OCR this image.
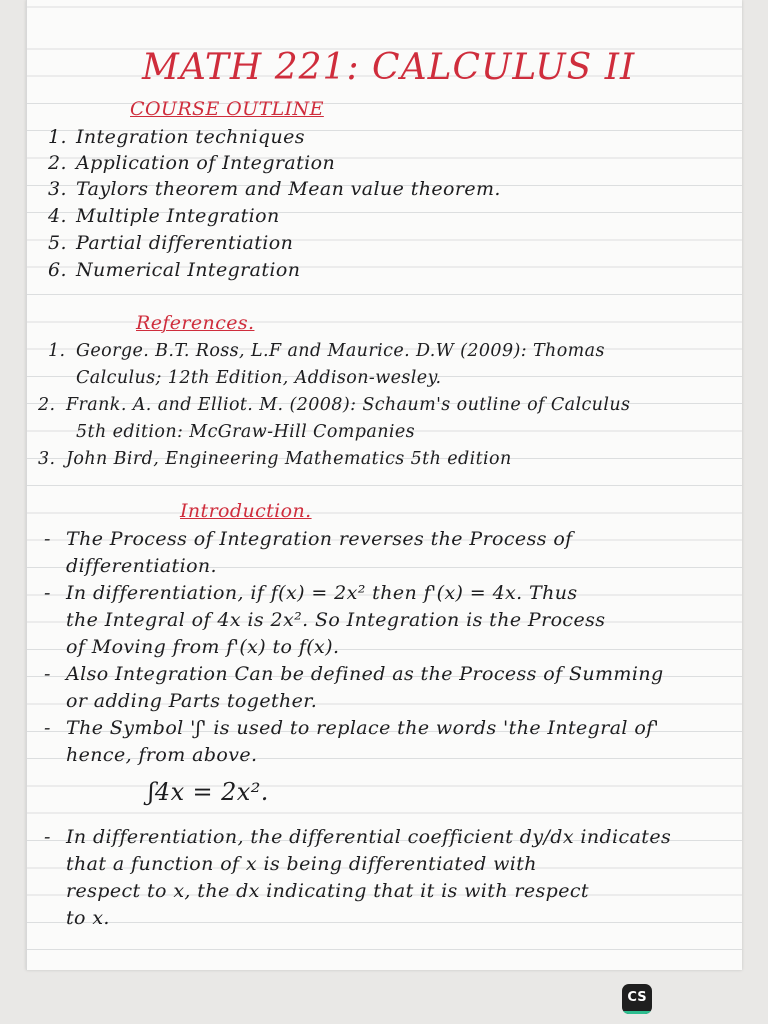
MATH 221: CALCULUS II
COURSE OUTLINE
1. Integration techniques
2. Application of Integration
3. Taylors theorem and Mean value theorem.
4. Multiple Integration
5. Partial differentiation
6. Numerical Integration
References.
1. George. B.T. Ross, L.F and Maurice. D.W (2009): Thomas
Calculus; 12th Edition, Addison-wesley.
2. Frank. A. and Elliot. M. (2008): Schaum's outline of Calculus
5th edition: McGraw-Hill Companies
3. John Bird, Engineering Mathematics 5th edition
Introduction.
- The Process of Integration reverses the Process of
differentiation.
- In differentiation, if f(x) = 2x² then f'(x) = 4x. Thus
the Integral of 4x is 2x². So Integration is the Process
of Moving from f'(x) to f(x).
- Also Integration Can be defined as the Process of Summing
or adding Parts together.
- The Symbol 'ʃ' is used to replace the words 'the Integral of'
hence, from above.
ʃ4x = 2x².
- In differentiation, the differential coefficient dy/dx indicates
that a function of x is being differentiated with
respect to x, the dx indicating that it is with respect
to x.
CS
